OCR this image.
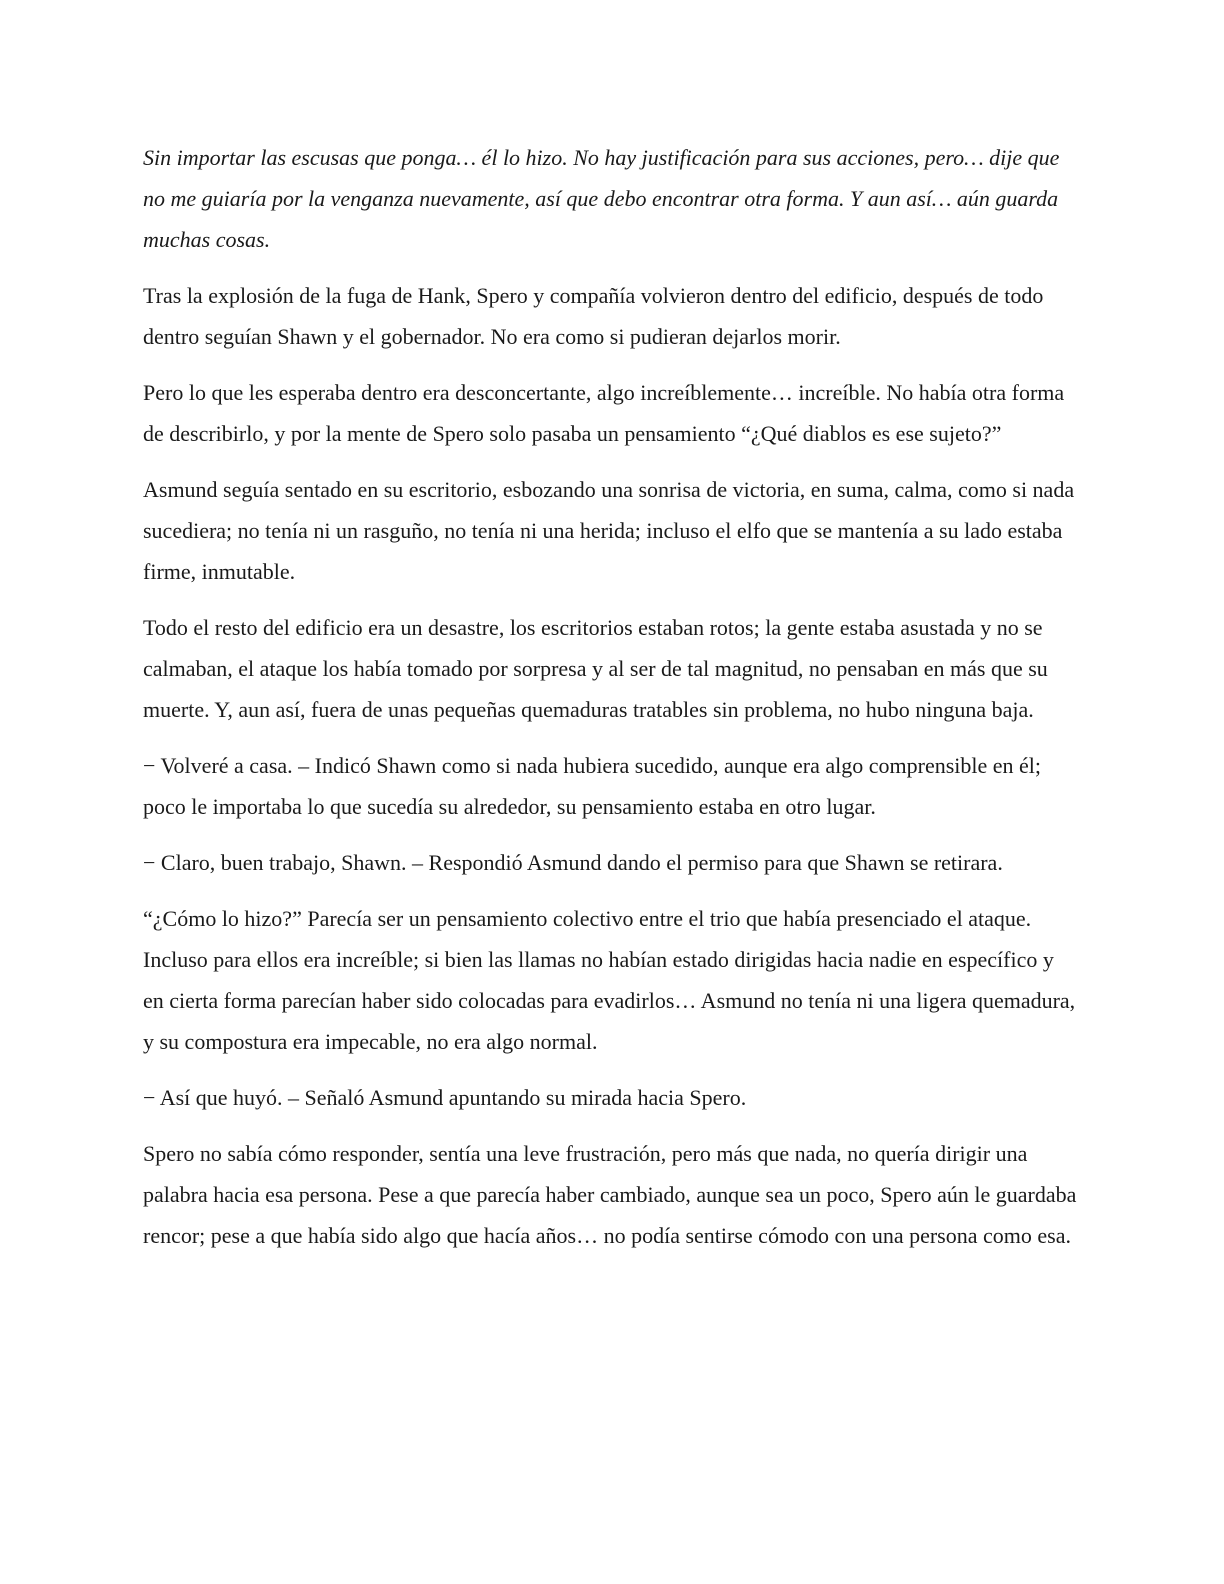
Sin importar las escusas que ponga… él lo hizo. No hay justificación para sus acciones, pero… dije que no me guiaría por la venganza nuevamente, así que debo encontrar otra forma. Y aun así… aún guarda muchas cosas.

Tras la explosión de la fuga de Hank, Spero y compañía volvieron dentro del edificio, después de todo dentro seguían Shawn y el gobernador. No era como si pudieran dejarlos morir.

Pero lo que les esperaba dentro era desconcertante, algo increíblemente… increíble. No había otra forma de describirlo, y por la mente de Spero solo pasaba un pensamiento “¿Qué diablos es ese sujeto?”

Asmund seguía sentado en su escritorio, esbozando una sonrisa de victoria, en suma, calma, como si nada sucediera; no tenía ni un rasguño, no tenía ni una herida; incluso el elfo que se mantenía a su lado estaba firme, inmutable.

Todo el resto del edificio era un desastre, los escritorios estaban rotos; la gente estaba asustada y no se calmaban, el ataque los había tomado por sorpresa y al ser de tal magnitud, no pensaban en más que su muerte. Y, aun así, fuera de unas pequeñas quemaduras tratables sin problema, no hubo ninguna baja.

− Volveré a casa. – Indicó Shawn como si nada hubiera sucedido, aunque era algo comprensible en él; poco le importaba lo que sucedía su alrededor, su pensamiento estaba en otro lugar.

− Claro, buen trabajo, Shawn. – Respondió Asmund dando el permiso para que Shawn se retirara.

“¿Cómo lo hizo?” Parecía ser un pensamiento colectivo entre el trio que había presenciado el ataque. Incluso para ellos era increíble; si bien las llamas no habían estado dirigidas hacia nadie en específico y en cierta forma parecían haber sido colocadas para evadirlos… Asmund no tenía ni una ligera quemadura, y su compostura era impecable, no era algo normal.

− Así que huyó. – Señaló Asmund apuntando su mirada hacia Spero.

Spero no sabía cómo responder, sentía una leve frustración, pero más que nada, no quería dirigir una palabra hacia esa persona. Pese a que parecía haber cambiado, aunque sea un poco, Spero aún le guardaba rencor; pese a que había sido algo que hacía años… no podía sentirse cómodo con una persona como esa.
